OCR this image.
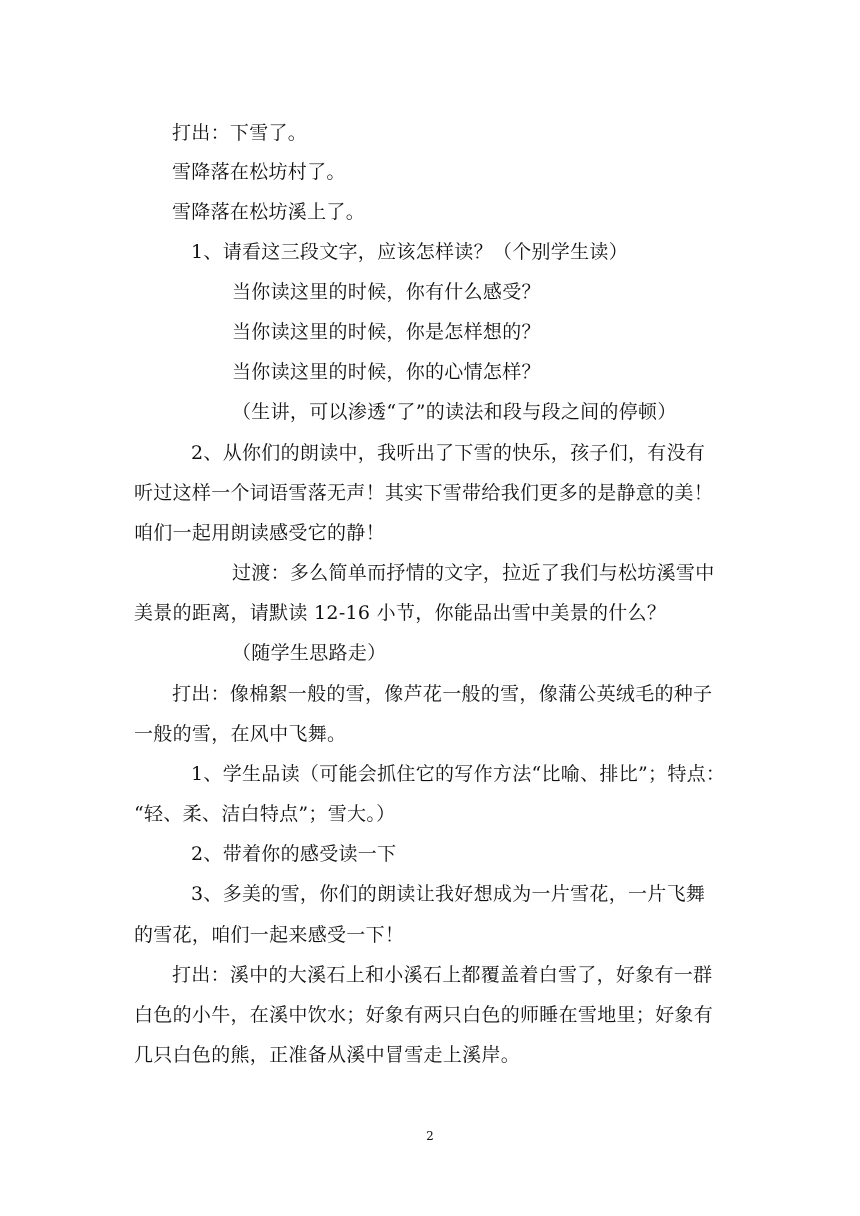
打出：下雪了。
雪降落在松坊村了。
雪降落在松坊溪上了。
1、请看这三段文字，应该怎样读？（个别学生读）
当你读这里的时候，你有什么感受？
当你读这里的时候，你是怎样想的？
当你读这里的时候，你的心情怎样？
（生讲，可以渗透“了”的读法和段与段之间的停顿）
2、从你们的朗读中，我听出了下雪的快乐，孩子们，有没有
听过这样一个词语雪落无声！其实下雪带给我们更多的是静意的美！
咱们一起用朗读感受它的静！
过渡：多么简单而抒情的文字，拉近了我们与松坊溪雪中
美景的距离，请默读 12-16 小节，你能品出雪中美景的什么？
（随学生思路走）
打出：像棉絮一般的雪，像芦花一般的雪，像蒲公英绒毛的种子
一般的雪，在风中飞舞。
1、学生品读（可能会抓住它的写作方法“比喻、排比”；特点：
“轻、柔、洁白特点”；雪大。）
2、带着你的感受读一下
3、多美的雪，你们的朗读让我好想成为一片雪花，一片飞舞
的雪花，咱们一起来感受一下！
打出：溪中的大溪石上和小溪石上都覆盖着白雪了，好象有一群
白色的小牛，在溪中饮水；好象有两只白色的师睡在雪地里；好象有
几只白色的熊，正准备从溪中冒雪走上溪岸。
2
